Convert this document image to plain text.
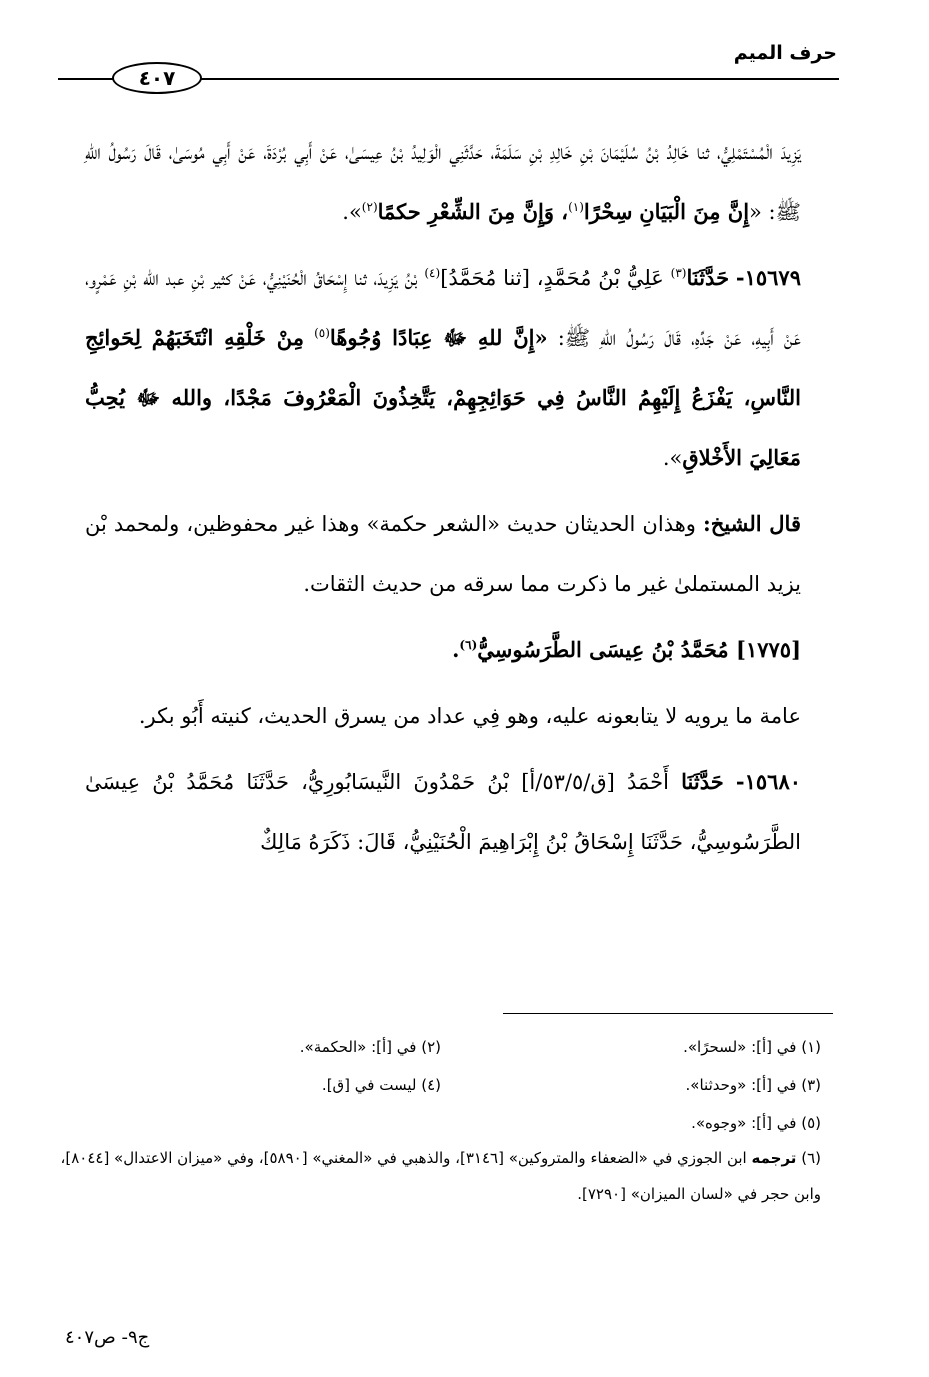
حرف الميم
٤٠٧

يَزِيدَ الْمُسْتَمْلِيُّ، ثنا خَالِدُ بْنُ سُلَيْمَانَ بْنِ خَالِدِ بْنِ سَلَمَةَ، حَدَّثَنِي الْوَلِيدُ بْنُ عِيسَىٰ، عَنْ أَبِي بُرْدَةَ، عَنْ أَبِي مُوسَىٰ، قَالَ رَسُولُ اللهِ ﷺ: «إِنَّ مِنَ الْبَيَانِ سِحْرًا$^{(١)}$، وَإِنَّ مِنَ الشِّعْرِ حكمًا$^{(٢)}$».

١٥٦٧٩- حَدَّثَنَا$^{(٣)}$ عَلِيُّ بْنُ مُحَمَّدٍ، [ثنا مُحَمَّدُ]$^{(٤)}$ بْنُ يَزِيدَ، ثنا إِسْحَاقُ الْحُنَيْنِيُّ، عَنْ كثير بْنِ عبد الله بْنِ عَمْرٍو، عَنْ أَبِيهِ، عَنْ جَدِّهِ، قَالَ رَسُولُ اللهِ ﷺ: «إِنَّ للهِ ﷻ عِبَادًا وُجُوهًا$^{(٥)}$ مِنْ خَلْقِهِ انْتَخَبَهُمْ لِحَوائِجِ النَّاسِ، يَفْزَعُ إِلَيْهِمُ النَّاسُ فِي حَوَائِجِهِمْ، يَتَّخِذُونَ الْمَعْرُوفَ مَجْدًا، والله ﷻ يُحِبُّ مَعَالِيَ الأَخْلاقِ».

قال الشيخ: وهذان الحديثان حديث «الشعر حكمة» وهذا غير محفوظين، ولمحمد بْن يزيد المستملىٰ غير ما ذكرت مما سرقه من حديث الثقات.

[١٧٧٥] مُحَمَّدُ بْنُ عِيسَى الطَّرَسُوسِيُّ$^{(٦)}$.

عامة ما يرويه لا يتابعونه عليه، وهو فِي عداد من يسرق الحديث، كنيته أَبُو بكر.

١٥٦٨٠- حَدَّثَنَا أَحْمَدُ [ق/٥٣/٥/أ] بْنُ حَمْدُونَ النَّيسَابُورِيُّ، حَدَّثَنَا مُحَمَّدُ بْنُ عِيسَىٰ الطَّرَسُوسِيُّ، حَدَّثَنَا إِسْحَاقُ بْنُ إِبْرَاهِيمَ الْحُنَيْنِيُّ، قَالَ: ذَكَرَهُ مَالِكٌ

(١) في [أ]: «لسحرًا».
(٢) في [أ]: «الحكمة».
(٣) في [أ]: «وحدثنا».
(٤) ليست في [ق].
(٥) في [أ]: «وجوه».
(٦) ترجمه ابن الجوزي في «الضعفاء والمتروكين» [٣١٤٦]، والذهبي في «المغني» [٥٨٩٠]، وفي «ميزان الاعتدال» [٨٠٤٤]، وابن حجر في «لسان الميزان» [٧٢٩٠].
ج٩- ص٤٠٧
